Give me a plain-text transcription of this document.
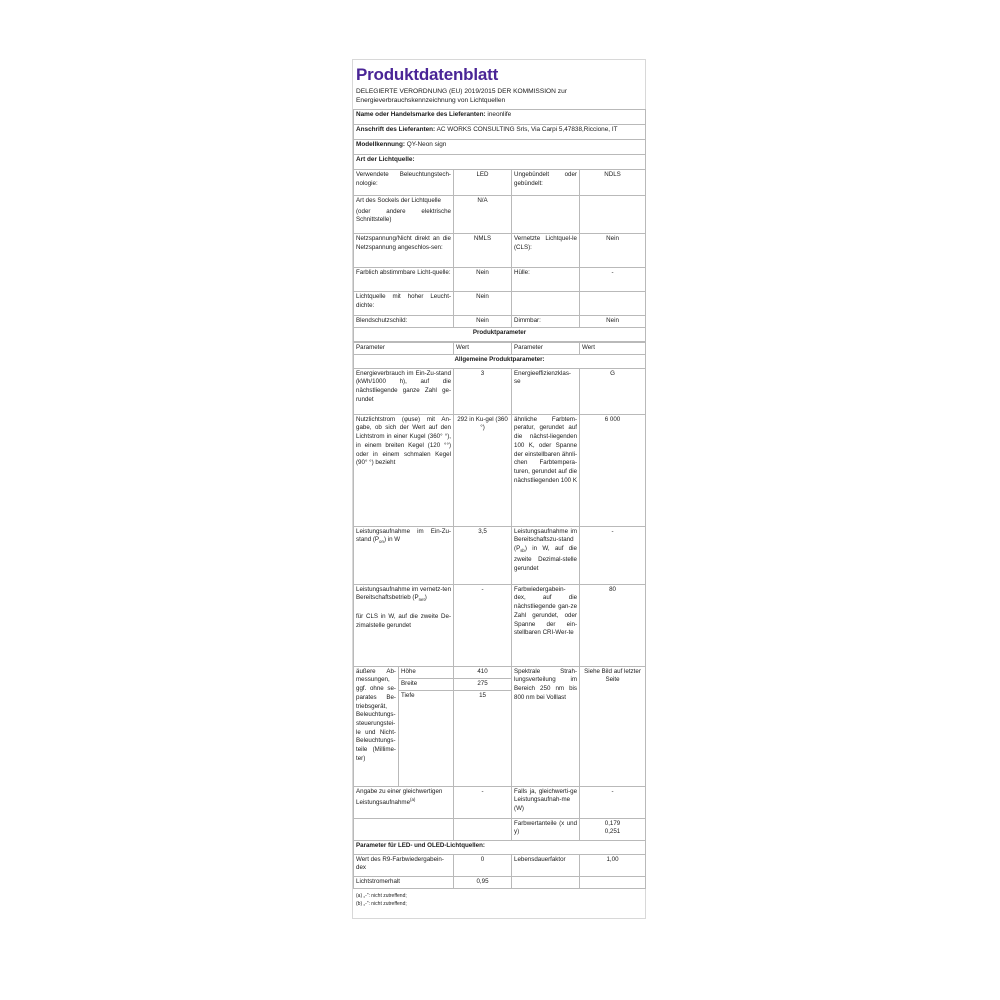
Produktdatenblatt
DELEGIERTE VERORDNUNG (EU) 2019/2015 DER KOMMISSION zur Energieverbrauchskennzeichnung von Lichtquellen
Name oder Handelsmarke des Lieferanten: ineonlife			
Anschrift des Lieferanten: AC WORKS CONSULTING Srls, Via Carpi 5,47838,Riccione, IT			
Modellkennung: QY-Neon sign			
Art der Lichtquelle:			
Verwendete Beleuchtungstech-nologie:	LED	Ungebündelt oder gebündelt:	NDLS

Art des Sockels der Lichtquelle
(oder andere elektrische Schnittstelle)	N/A		
Netzspannung/Nicht direkt an die Netzspannung angeschlos-sen:	NMLS	Vernetzte Lichtquel-le (CLS):	Nein
Farblich abstimmbare Licht-quelle:	Nein	Hülle:	-
Lichtquelle mit hoher Leucht-dichte:	Nein		
Blendschutzschild:	Nein	Dimmbar:	Nein
Produktparameter			
Parameter		Wert	Parameter	Wert
Allgemeine Produktparameter:				
Energieverbrauch im Ein-Zu-stand (kWh/1000 h), auf die nächstliegende ganze Zahl ge-rundet		3	Energieeffizienzklas-se	G
Nutzlichtstrom (φuse) mit An-gabe, ob sich der Wert auf den Lichtstrom in einer Kugel (360° °), in einem breiten Kegel (120 °°) oder in einem schmalen Kegel (90° °) bezieht		292 in Ku-gel (360 °)	ähnliche Farbtem-peratur, gerundet auf die nächst-liegenden 100 K, oder Spanne der einstellbaren ähnli-chen Farbtempera-turen, gerundet auf die nächstliegenden 100 K	6 000
Leistungsaufnahme im Ein-Zu-stand $(P_{on})$ in W		3,5	Leistungsaufnahme im Bereitschaftszu-stand $(P_{sb})$ in W, auf die zweite Dezimal-stelle gerundet	-

Leistungsaufnahme im vernetz-ten Bereitschaftsbetrieb $(P_{net})$
für CLS in W, auf die zweite De-zimalstelle gerundet		-	Farbwiedergabein-dex, auf die nächstliegende gan-ze Zahl gerundet, oder Spanne der ein-stellbaren CRI-Wer-te	80
äußere Ab-messungen, ggf. ohne se-parates Be-triebsgerät, Beleuchtungs-steuerungstei-le und Nicht-Beleuchtungs-teile (Millime-ter)	Höhe	410	Spektrale Strah-lungsverteilung im Bereich 250 nm bis 800 nm bei Volllast	Siehe Bild auf letzter Seite
	Breite	275		
	Tiefe	15		
Angabe zu einer gleichwertigen Leistungsaufnahme$^{(a)}$		-	Falls ja, gleichwerti-ge Leistungsaufnah-me (W)	-
			Farbwertanteile (x und y)	0,179
0,251

Parameter für LED- und OLED-Lichtquellen:				
Wert des R9-Farbwiedergabein-dex		0	Lebensdauerfaktor	1,00
Lichtstromerhalt		0,95		
(a) „-“: nicht zutreffend;
(b) „-“: nicht zutreffend;
